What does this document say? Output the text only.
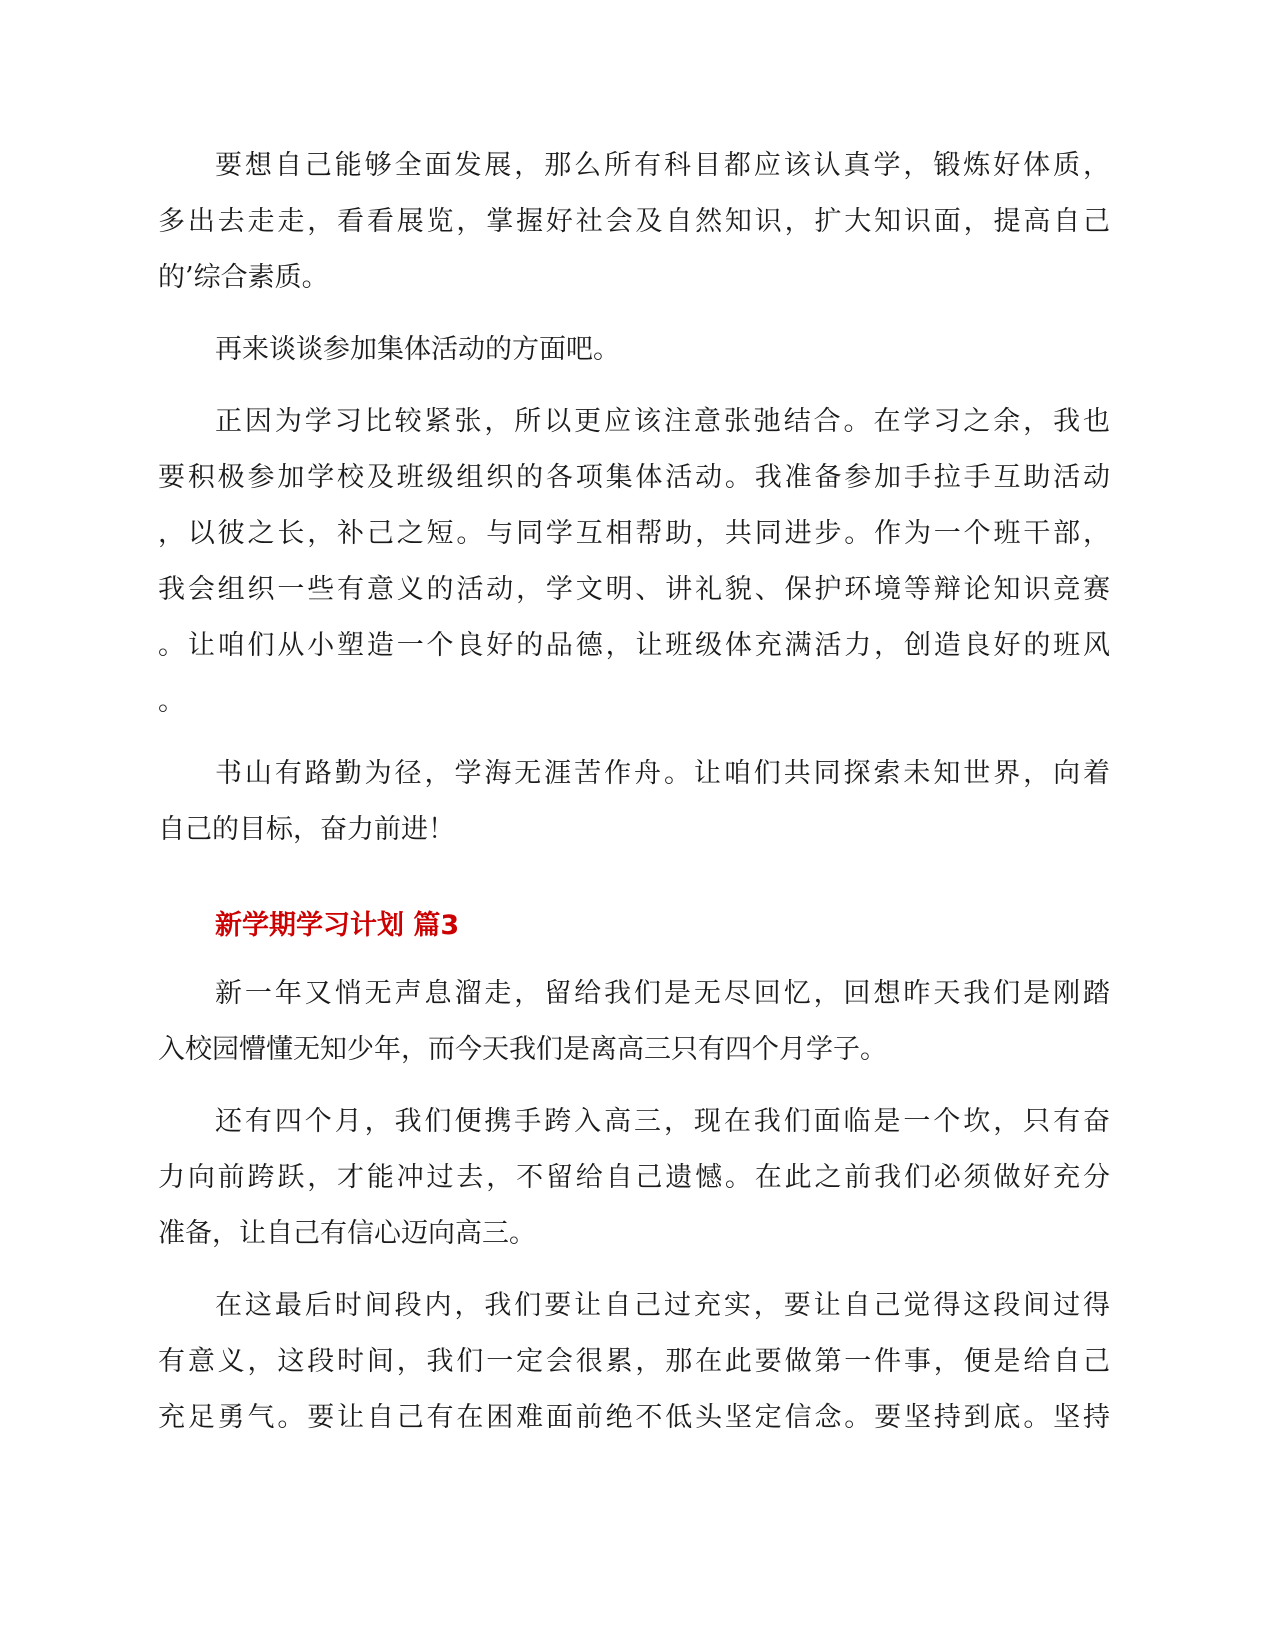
要想自己能够全面发展，那么所有科目都应该认真学，锻炼好体质，
多出去走走，看看展览，掌握好社会及自然知识，扩大知识面，提高自己
的’综合素质。
再来谈谈参加集体活动的方面吧。
正因为学习比较紧张，所以更应该注意张弛结合。在学习之余，我也
要积极参加学校及班级组织的各项集体活动。我准备参加手拉手互助活动
，以彼之长，补己之短。与同学互相帮助，共同进步。作为一个班干部，
我会组织一些有意义的活动，学文明、讲礼貌、保护环境等辩论知识竞赛
。让咱们从小塑造一个良好的品德，让班级体充满活力，创造良好的班风
。
书山有路勤为径，学海无涯苦作舟。让咱们共同探索未知世界，向着
自己的目标，奋力前进！
新学期学习计划 篇3
新一年又悄无声息溜走，留给我们是无尽回忆，回想昨天我们是刚踏
入校园懵懂无知少年，而今天我们是离高三只有四个月学子。
还有四个月，我们便携手跨入高三，现在我们面临是一个坎，只有奋
力向前跨跃，才能冲过去，不留给自己遗憾。在此之前我们必须做好充分
准备，让自己有信心迈向高三。
在这最后时间段内，我们要让自己过充实，要让自己觉得这段间过得
有意义，这段时间，我们一定会很累，那在此要做第一件事，便是给自己
充足勇气。要让自己有在困难面前绝不低头坚定信念。要坚持到底。坚持
